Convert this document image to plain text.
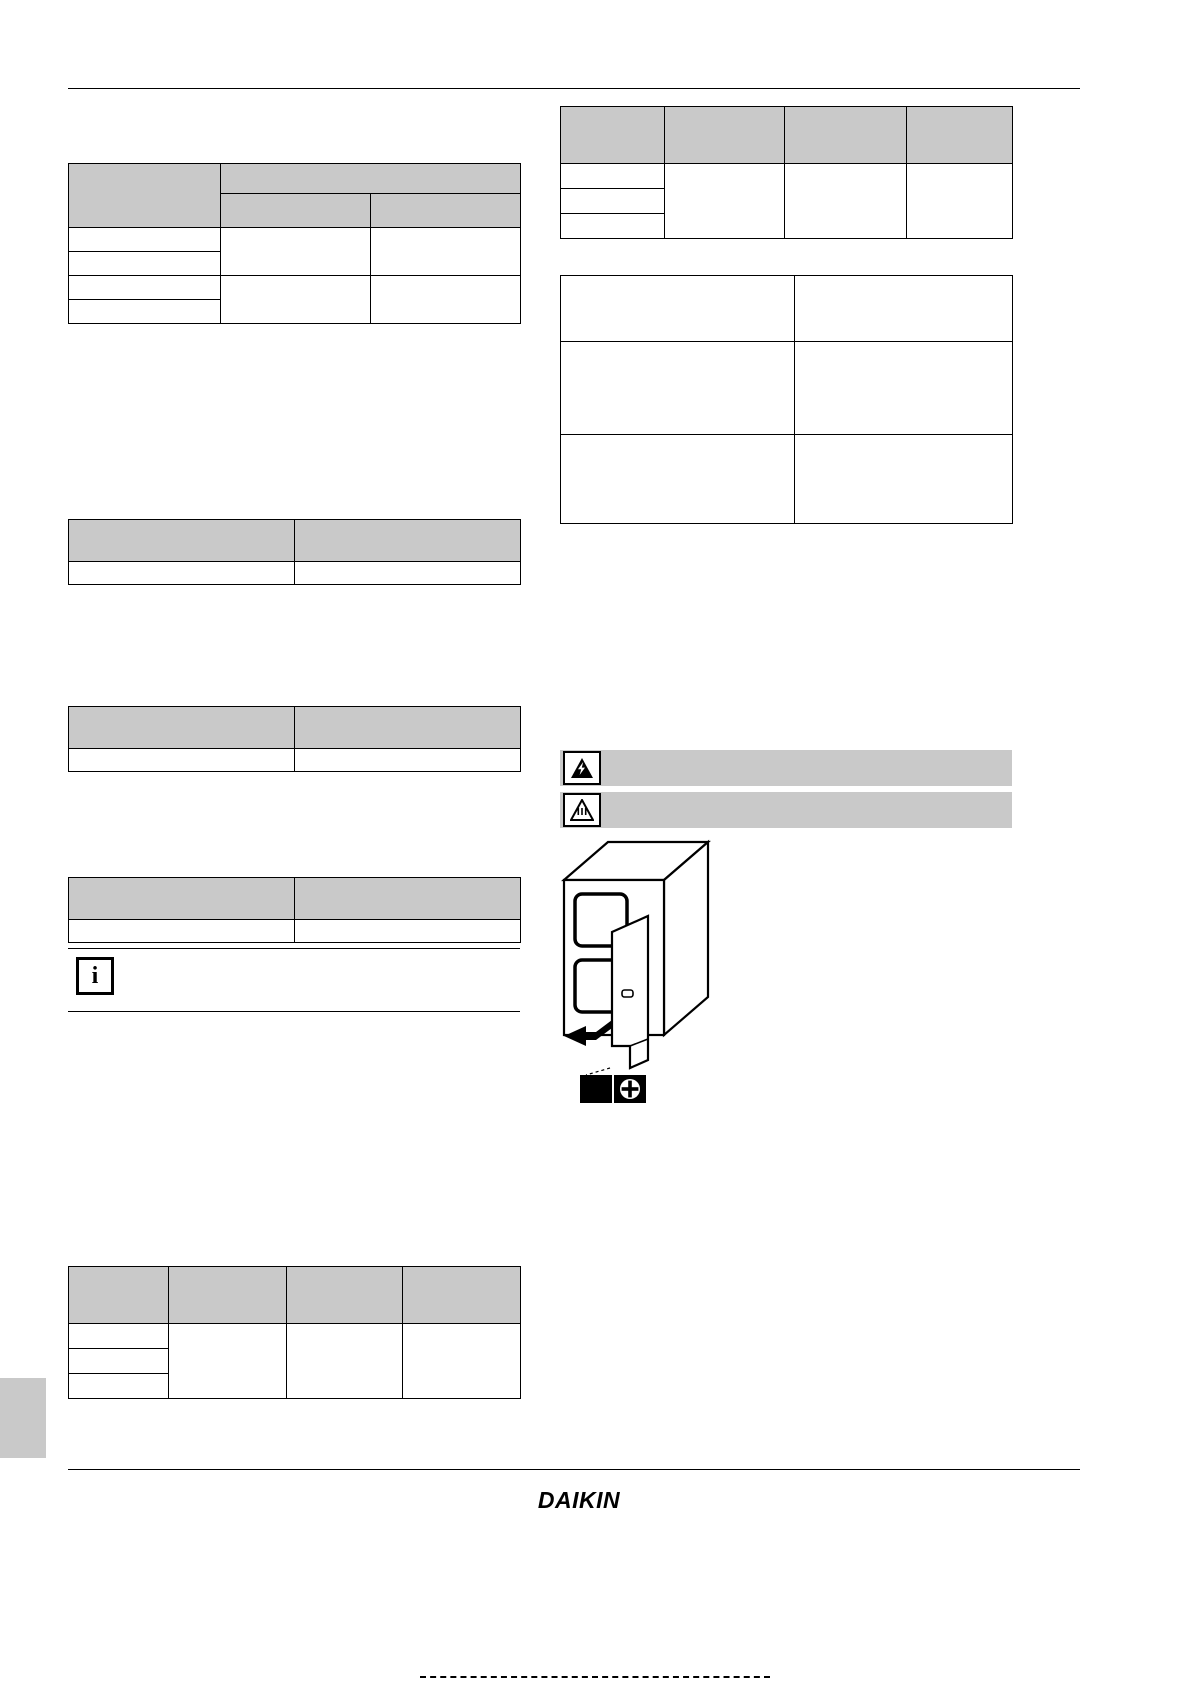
i

DAIKIN
